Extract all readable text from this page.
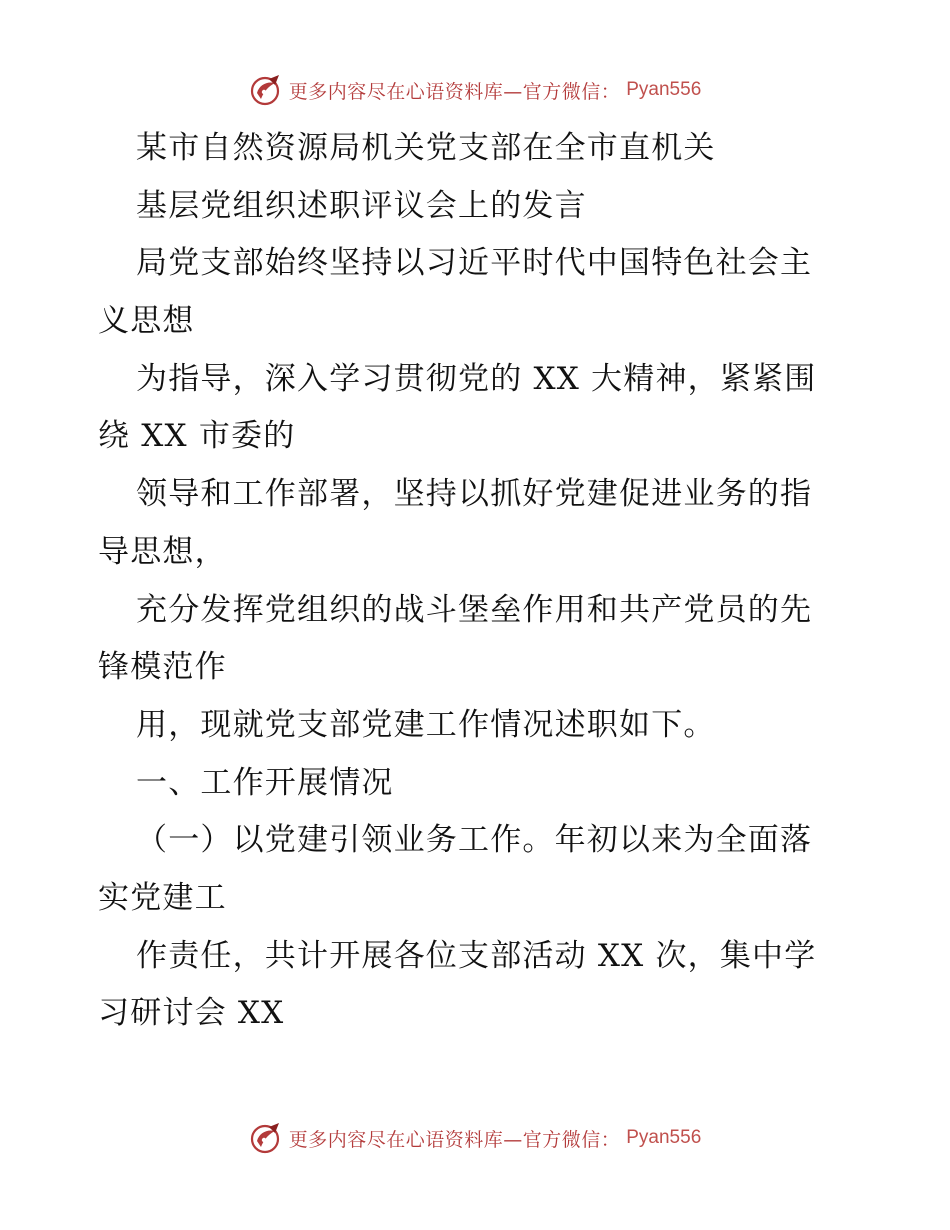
更多内容尽在心语资料库—官方微信： Pyan556
某市自然资源局机关党支部在全市直机关
基层党组织述职评议会上的发言
局党支部始终坚持以习近平时代中国特色社会主
义思想
为指导，深入学习贯彻党的 XX 大精神，紧紧围
绕 XX 市委的
领导和工作部署，坚持以抓好党建促进业务的指
导思想，
充分发挥党组织的战斗堡垒作用和共产党员的先
锋模范作
用，现就党支部党建工作情况述职如下。
一、工作开展情况
（一）以党建引领业务工作。年初以来为全面落
实党建工
作责任，共计开展各位支部活动 XX 次，集中学
习研讨会 XX
更多内容尽在心语资料库—官方微信： Pyan556
